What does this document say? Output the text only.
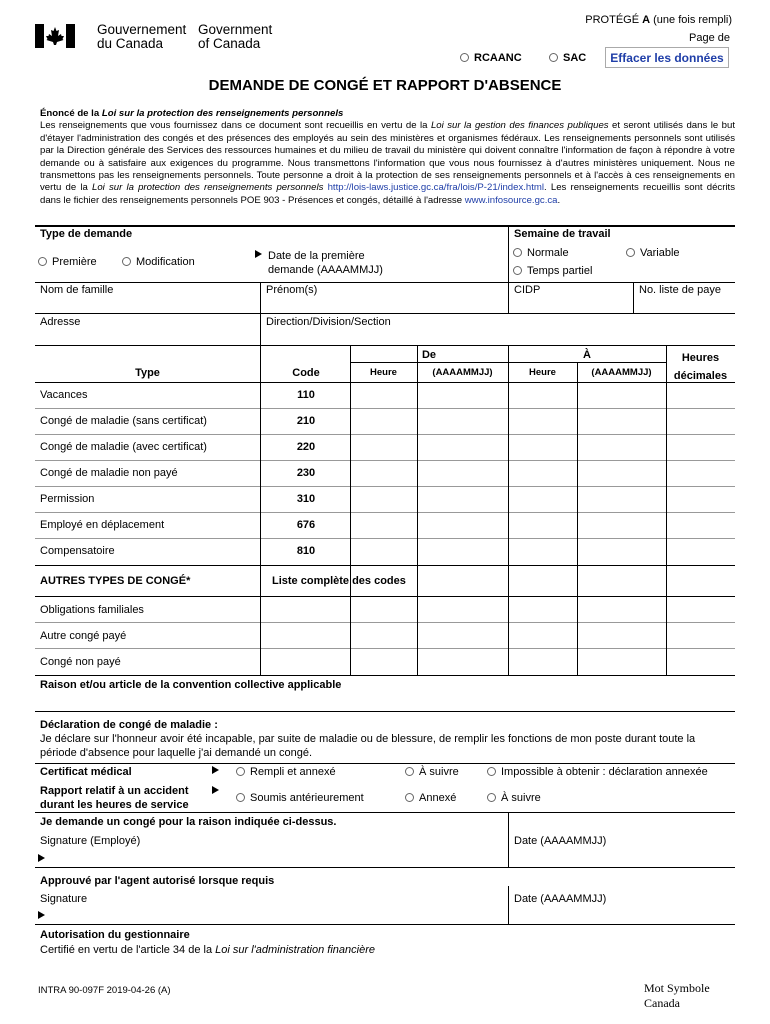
Gouvernement
du Canada
Government
of Canada
PROTÉGÉ A (une fois rempli)
Page de
RCAANC	SAC	Effacer les données
DEMANDE DE CONGÉ ET RAPPORT D'ABSENCE
Énoncé de la Loi sur la protection des renseignements personnels
Les renseignements que vous fournissez dans ce document sont recueillis en vertu de la Loi sur la gestion des finances publiques et seront utilisés dans le but d'étayer l'administration des congés et des présences des employés au sein des ministères et organismes fédéraux. Les renseignements personnels sont utilisés par la Direction générale des Services des ressources humaines et du milieu de travail du ministère qui doivent connaître l'information de façon à répondre à votre demande ou à satisfaire aux exigences du programme. Nous transmettons l'information que vous nous fournissez à d'autres ministères uniquement. Nous ne transmettons pas les renseignements personnels. Toute personne a droit à la protection de ses renseignements personnels et à l'accès à ces renseignements en vertu de la Loi sur la protection des renseignements personnels http://lois-laws.justice.gc.ca/fra/lois/P-21/index.html. Les renseignements recueillis sont décrits dans le fichier des renseignements personnels POE 903 - Présences et congés, détaillé à l'adresse www.infosource.gc.ca.
Type de demande
Première	Modification	Date de la première
demande (AAAAMMJJ)
Semaine de travail
Normale	Variable
Temps partiel
Nom de famille	Prénom(s)	CIDP	No. liste de paye
Adresse	Direction/Division/Section
Type	Code
De	À
Heure	(AAAAMMJJ)	Heure	(AAAAMMJJ)
Heures
décimales
Vacances	110
Congé de maladie (sans certificat)	210
Congé de maladie (avec certificat)	220
Congé de maladie non payé	230
Permission	310
Employé en déplacement	676
Compensatoire	810
AUTRES TYPES DE CONGÉ*	Liste complète des codes
Obligations familiales
Autre congé payé
Congé non payé
Raison et/ou article de la convention collective applicable
Déclaration de congé de maladie :
Je déclare sur l'honneur avoir été incapable, par suite de maladie ou de blessure, de remplir les fonctions de mon poste durant toute la
période d'absence pour laquelle j'ai demandé un congé.
Certificat médical	Rempli et annexé	À suivre	Impossible à obtenir : déclaration annexée
Rapport relatif à un accident
durant les heures de service
Soumis antérieurement	Annexé	À suivre
Je demande un congé pour la raison indiquée ci-dessus.
Signature (Employé)	Date (AAAAMMJJ)
Approuvé par l'agent autorisé lorsque requis
Signature	Date (AAAAMMJJ)
Autorisation du gestionnaire
Certifié en vertu de l'article 34 de la Loi sur l'administration financière
INTRA 90-097F 2019-04-26 (A)	Mot Symbole
Canada
